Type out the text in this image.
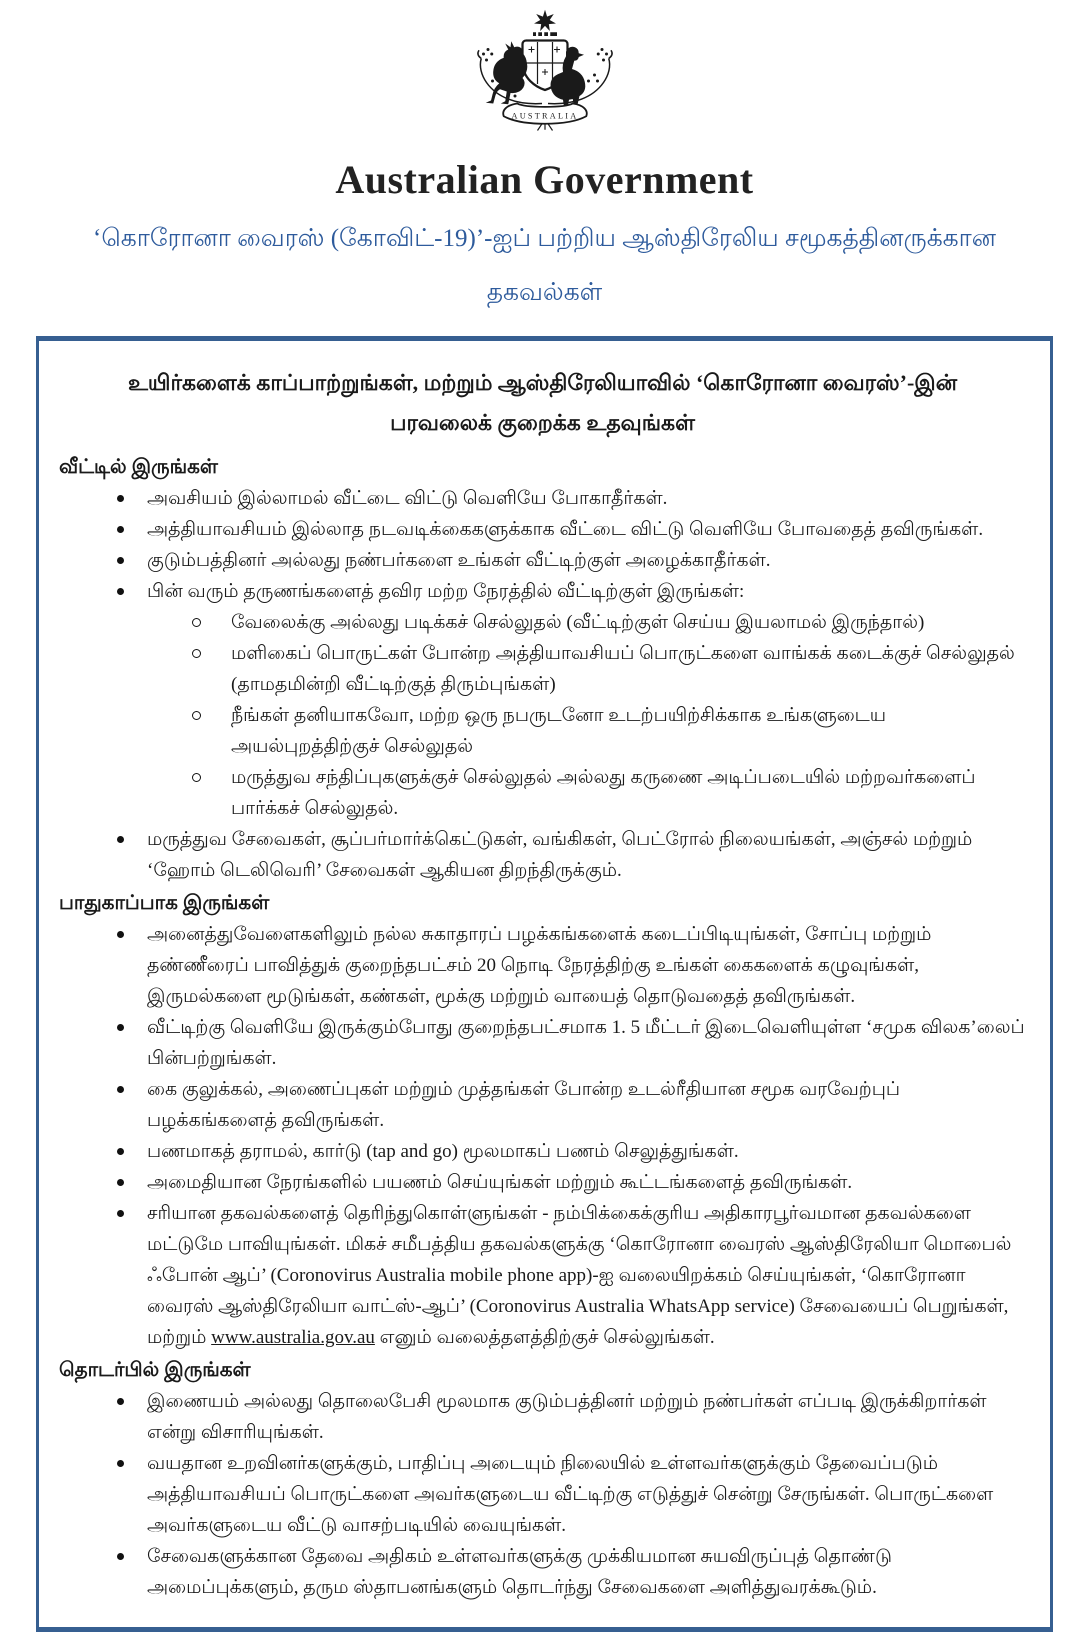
AUSTRALIA
Australian Government
‘கொரோனா வைரஸ் (கோவிட்-19)’-ஐப் பற்றிய ஆஸ்திரேலிய சமூகத்தினருக்கான தகவல்கள்
உயிர்களைக் காப்பாற்றுங்கள், மற்றும் ஆஸ்திரேலியாவில் ‘கொரோனா வைரஸ்’-இன் பரவலைக் குறைக்க உதவுங்கள்
வீட்டில் இருங்கள்
அவசியம் இல்லாமல் வீட்டை விட்டு வெளியே போகாதீர்கள்.
அத்தியாவசியம் இல்லாத நடவடிக்கைகளுக்காக வீட்டை விட்டு வெளியே போவதைத் தவிருங்கள்.
குடும்பத்தினர் அல்லது நண்பர்களை உங்கள் வீட்டிற்குள் அழைக்காதீர்கள்.
பின் வரும் தருணங்களைத் தவிர மற்ற நேரத்தில் வீட்டிற்குள் இருங்கள்:
வேலைக்கு அல்லது படிக்கச் செல்லுதல் (வீட்டிற்குள் செய்ய இயலாமல் இருந்தால்)
மளிகைப் பொருட்கள் போன்ற அத்தியாவசியப் பொருட்களை வாங்கக் கடைக்குச் செல்லுதல் (தாமதமின்றி வீட்டிற்குத் திரும்புங்கள்)
நீங்கள் தனியாகவோ, மற்ற ஒரு நபருடனோ உடற்பயிற்சிக்காக உங்களுடைய அயல்புறத்திற்குச் செல்லுதல்
மருத்துவ சந்திப்புகளுக்குச் செல்லுதல் அல்லது கருணை அடிப்படையில் மற்றவர்களைப் பார்க்கச் செல்லுதல்.
மருத்துவ சேவைகள், சூப்பர்மார்க்கெட்டுகள், வங்கிகள், பெட்ரோல் நிலையங்கள், அஞ்சல் மற்றும் ‘ஹோம் டெலிவெரி’ சேவைகள் ஆகியன திறந்திருக்கும்.
பாதுகாப்பாக இருங்கள்
அனைத்துவேளைகளிலும் நல்ல சுகாதாரப் பழக்கங்களைக் கடைப்பிடியுங்கள், சோப்பு மற்றும் தண்ணீரைப் பாவித்துக் குறைந்தபட்சம் 20 நொடி நேரத்திற்கு உங்கள் கைகளைக் கழுவுங்கள், இருமல்களை மூடுங்கள், கண்கள், மூக்கு மற்றும் வாயைத் தொடுவதைத் தவிருங்கள்.
வீட்டிற்கு வெளியே இருக்கும்போது குறைந்தபட்சமாக 1. 5 மீட்டர் இடைவெளியுள்ள ‘சமுக விலக’லைப் பின்பற்றுங்கள்.
கை குலுக்கல், அணைப்புகள் மற்றும் முத்தங்கள் போன்ற உடல்ரீதியான சமூக வரவேற்புப் பழக்கங்களைத் தவிருங்கள்.
பணமாகத் தராமல், கார்டு (tap and go) மூலமாகப் பணம் செலுத்துங்கள்.
அமைதியான நேரங்களில் பயணம் செய்யுங்கள் மற்றும் கூட்டங்களைத் தவிருங்கள்.
சரியான தகவல்களைத் தெரிந்துகொள்ளுங்கள் - நம்பிக்கைக்குரிய அதிகாரபூர்வமான தகவல்களை மட்டுமே பாவியுங்கள். மிகச் சமீபத்திய தகவல்களுக்கு ‘கொரோனா வைரஸ் ஆஸ்திரேலியா மொபைல் ஃபோன் ஆப்’ (Coronovirus Australia mobile phone app)-ஐ வலையிறக்கம் செய்யுங்கள், ‘கொரோனா வைரஸ் ஆஸ்திரேலியா வாட்ஸ்-ஆப்’ (Coronovirus Australia WhatsApp service) சேவையைப் பெறுங்கள், மற்றும் www.australia.gov.au எனும் வலைத்தளத்திற்குச் செல்லுங்கள்.
தொடர்பில் இருங்கள்
இணையம் அல்லது தொலைபேசி மூலமாக குடும்பத்தினர் மற்றும் நண்பர்கள் எப்படி இருக்கிறார்கள் என்று விசாரியுங்கள்.
வயதான உறவினர்களுக்கும், பாதிப்பு அடையும் நிலையில் உள்ளவர்களுக்கும் தேவைப்படும் அத்தியாவசியப் பொருட்களை அவர்களுடைய வீட்டிற்கு எடுத்துச் சென்று சேருங்கள். பொருட்களை அவர்களுடைய வீட்டு வாசற்படியில் வையுங்கள்.
சேவைகளுக்கான தேவை அதிகம் உள்ளவர்களுக்கு முக்கியமான சுயவிருப்புத் தொண்டு அமைப்புக்களும், தரும ஸ்தாபனங்களும் தொடர்ந்து சேவைகளை அளித்துவரக்கூடும்.
